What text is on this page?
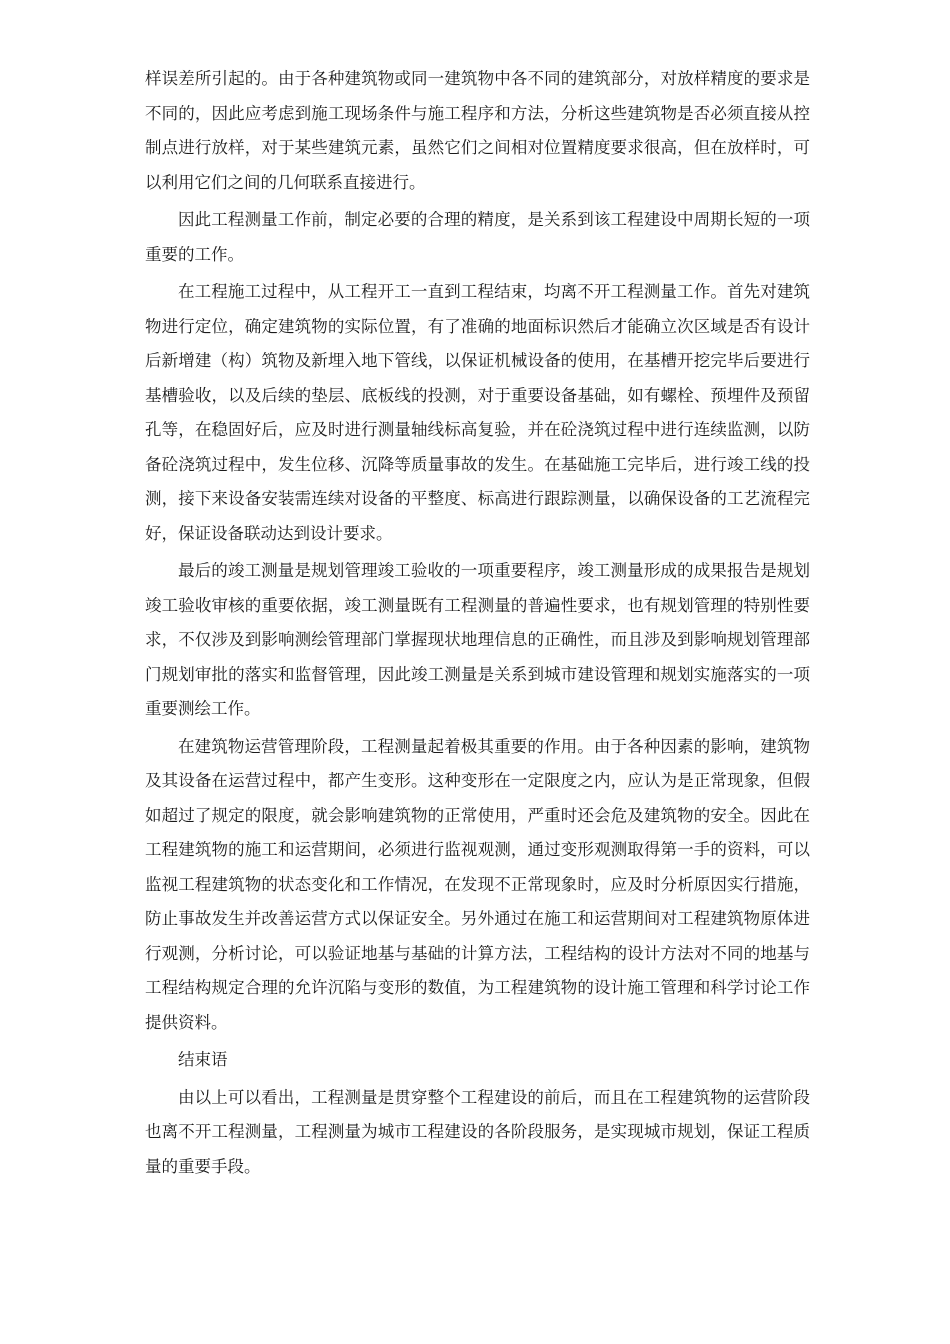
样误差所引起的。由于各种建筑物或同一建筑物中各不同的建筑部分，对放样精度的要求是不同的，因此应考虑到施工现场条件与施工程序和方法，分析这些建筑物是否必须直接从控制点进行放样，对于某些建筑元素，虽然它们之间相对位置精度要求很高，但在放样时，可以利用它们之间的几何联系直接进行。

因此工程测量工作前，制定必要的合理的精度，是关系到该工程建设中周期长短的一项重要的工作。

在工程施工过程中，从工程开工一直到工程结束，均离不开工程测量工作。首先对建筑物进行定位，确定建筑物的实际位置，有了准确的地面标识然后才能确立次区域是否有设计后新增建（构）筑物及新埋入地下管线，以保证机械设备的使用，在基槽开挖完毕后要进行基槽验收，以及后续的垫层、底板线的投测，对于重要设备基础，如有螺栓、预埋件及预留孔等，在稳固好后，应及时进行测量轴线标高复验，并在砼浇筑过程中进行连续监测，以防备砼浇筑过程中，发生位移、沉降等质量事故的发生。在基础施工完毕后，进行竣工线的投测，接下来设备安装需连续对设备的平整度、标高进行跟踪测量，以确保设备的工艺流程完好，保证设备联动达到设计要求。

最后的竣工测量是规划管理竣工验收的一项重要程序，竣工测量形成的成果报告是规划竣工验收审核的重要依据，竣工测量既有工程测量的普遍性要求，也有规划管理的特别性要求，不仅涉及到影响测绘管理部门掌握现状地理信息的正确性，而且涉及到影响规划管理部门规划审批的落实和监督管理，因此竣工测量是关系到城市建设管理和规划实施落实的一项重要测绘工作。

在建筑物运营管理阶段，工程测量起着极其重要的作用。由于各种因素的影响，建筑物及其设备在运营过程中，都产生变形。这种变形在一定限度之内，应认为是正常现象，但假如超过了规定的限度，就会影响建筑物的正常使用，严重时还会危及建筑物的安全。因此在工程建筑物的施工和运营期间，必须进行监视观测，通过变形观测取得第一手的资料，可以监视工程建筑物的状态变化和工作情况，在发现不正常现象时，应及时分析原因实行措施，防止事故发生并改善运营方式以保证安全。另外通过在施工和运营期间对工程建筑物原体进行观测，分析讨论，可以验证地基与基础的计算方法，工程结构的设计方法对不同的地基与工程结构规定合理的允许沉陷与变形的数值，为工程建筑物的设计施工管理和科学讨论工作提供资料。

结束语

由以上可以看出，工程测量是贯穿整个工程建设的前后，而且在工程建筑物的运营阶段也离不开工程测量，工程测量为城市工程建设的各阶段服务，是实现城市规划，保证工程质量的重要手段。
